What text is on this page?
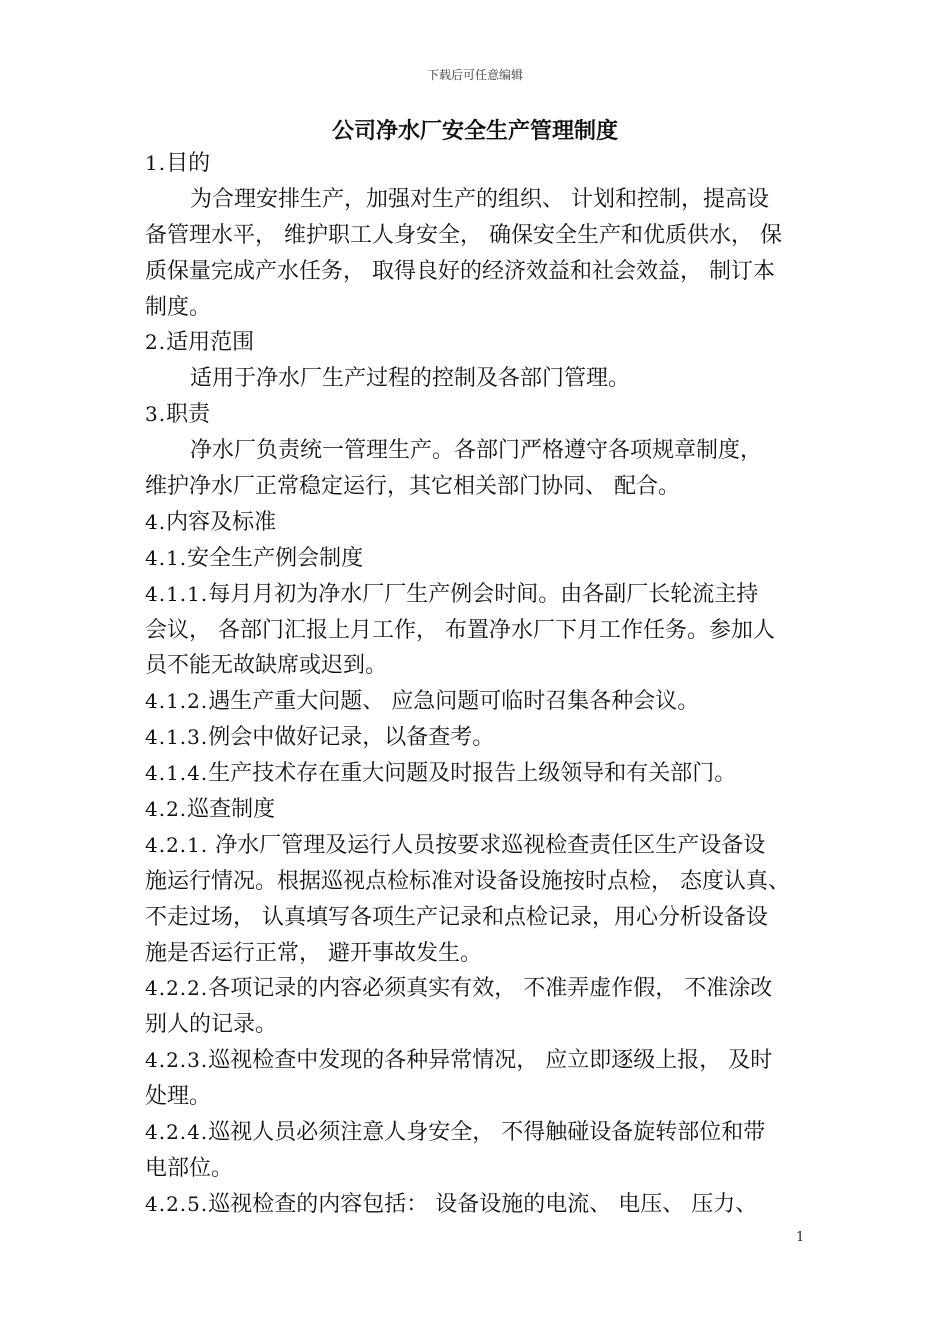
下载后可任意编辑
公司净水厂安全生产管理制度
1.目的
为合理安排生产，加强对生产的组织、 计划和控制，提高设
备管理水平， 维护职工人身安全， 确保安全生产和优质供水， 保
质保量完成产水任务， 取得良好的经济效益和社会效益， 制订本
制度。
2.适用范围
适用于净水厂生产过程的控制及各部门管理。
3.职责
净水厂负责统一管理生产。各部门严格遵守各项规章制度，
维护净水厂正常稳定运行，其它相关部门协同、 配合。
4.内容及标准
4.1.安全生产例会制度
4.1.1.每月月初为净水厂厂生产例会时间。由各副厂长轮流主持
会议， 各部门汇报上月工作， 布置净水厂下月工作任务。参加人
员不能无故缺席或迟到。
4.1.2.遇生产重大问题、 应急问题可临时召集各种会议。
4.1.3.例会中做好记录，以备查考。
4.1.4.生产技术存在重大问题及时报告上级领导和有关部门。
4.2.巡查制度
4.2.1. 净水厂管理及运行人员按要求巡视检查责任区生产设备设
施运行情况。根据巡视点检标准对设备设施按时点检， 态度认真、
不走过场， 认真填写各项生产记录和点检记录，用心分析设备设
施是否运行正常， 避开事故发生。
4.2.2.各项记录的内容必须真实有效， 不准弄虚作假， 不准涂改
别人的记录。
4.2.3.巡视检查中发现的各种异常情况， 应立即逐级上报， 及时
处理。
4.2.4.巡视人员必须注意人身安全， 不得触碰设备旋转部位和带
电部位。
4.2.5.巡视检查的内容包括： 设备设施的电流、 电压、 压力、
1
